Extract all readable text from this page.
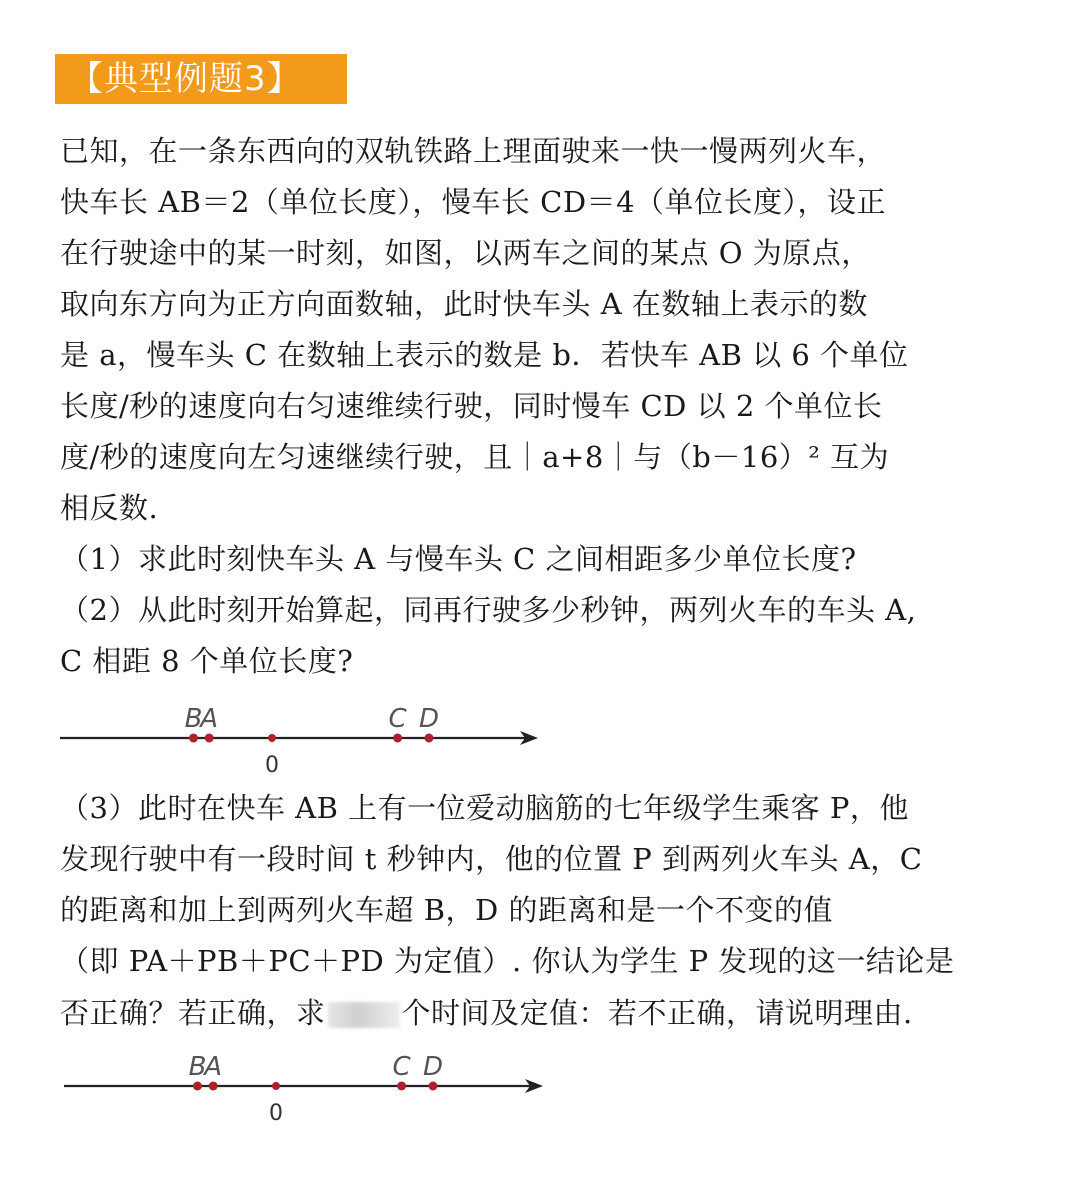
【典型例题3】
已知，在一条东西向的双轨铁路上理面驶来一快一慢两列火车，
快车长 AB＝2（单位长度），慢车长 CD＝4（单位长度），设正
在行驶途中的某一时刻，如图，以两车之间的某点 O 为原点，
取向东方向为正方向面数轴，此时快车头 A 在数轴上表示的数
是 a，慢车头 C 在数轴上表示的数是 b．若快车 AB 以 6 个单位
长度/秒的速度向右匀速维续行驶，同时慢车 CD 以 2 个单位长
度/秒的速度向左匀速继续行驶，且｜a+8｜与（b－16）² 互为
相反数.
（1）求此时刻快车头 A 与慢车头 C 之间相距多少单位长度?
（2）从此时刻开始算起，同再行驶多少秒钟，两列火车的车头 A,
C 相距 8 个单位长度?
0
B
A	C D
（3）此时在快车 AB 上有一位爱动脑筋的七年级学生乘客 P，他
发现行驶中有一段时间 t 秒钟内，他的位置 P 到两列火车头 A，C
的距离和加上到两列火车超 B，D 的距离和是一个不变的值
（即 PA＋PB＋PC＋PD 为定值）. 你认为学生 P 发现的这一结论是
否正确？若正确，求	个时间及定值：若不正确，请说明理由.
0
B
A	C D
